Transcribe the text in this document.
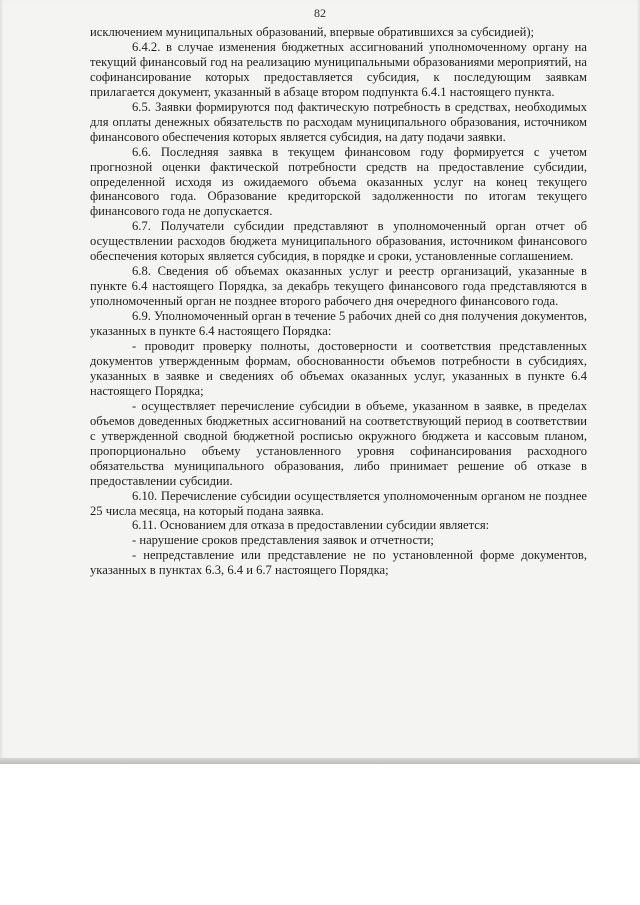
82

исключением муниципальных образований, впервые обратившихся за субсидией);

6.4.2. в случае изменения бюджетных ассигнований уполномоченному органу на текущий финансовый год на реализацию муниципальными образованиями мероприятий, на софинансирование которых предоставляется субсидия, к последующим заявкам прилагается документ, указанный в абзаце втором подпункта 6.4.1 настоящего пункта.

6.5. Заявки формируются под фактическую потребность в средствах, необходимых для оплаты денежных обязательств по расходам муниципального образования, источником финансового обеспечения которых является субсидия, на дату подачи заявки.

6.6. Последняя заявка в текущем финансовом году формируется с учетом прогнозной оценки фактической потребности средств на предоставление субсидии, определенной исходя из ожидаемого объема оказанных услуг на конец текущего финансового года. Образование кредиторской задолженности по итогам текущего финансового года не допускается.

6.7. Получатели субсидии представляют в уполномоченный орган отчет об осуществлении расходов бюджета муниципального образования, источником финансового обеспечения которых является субсидия, в порядке и сроки, установленные соглашением.

6.8. Сведения об объемах оказанных услуг и реестр организаций, указанные в пункте 6.4 настоящего Порядка, за декабрь текущего финансового года представляются в уполномоченный орган не позднее второго рабочего дня очередного финансового года.

6.9. Уполномоченный орган в течение 5 рабочих дней со дня получения документов, указанных в пункте 6.4 настоящего Порядка:

- проводит проверку полноты, достоверности и соответствия представленных документов утвержденным формам, обоснованности объемов потребности в субсидиях, указанных в заявке и сведениях об объемах оказанных услуг, указанных в пункте 6.4 настоящего Порядка;

- осуществляет перечисление субсидии в объеме, указанном в заявке, в пределах объемов доведенных бюджетных ассигнований на соответствующий период в соответствии с утвержденной сводной бюджетной росписью окружного бюджета и кассовым планом, пропорционально объему установленного уровня софинансирования расходного обязательства муниципального образования, либо принимает решение об отказе в предоставлении субсидии.

6.10. Перечисление субсидии осуществляется уполномоченным органом не позднее 25 числа месяца, на который подана заявка.

6.11. Основанием для отказа в предоставлении субсидии является:

- нарушение сроков представления заявок и отчетности;

- непредставление или представление не по установленной форме документов, указанных в пунктах 6.3, 6.4 и 6.7 настоящего Порядка;
